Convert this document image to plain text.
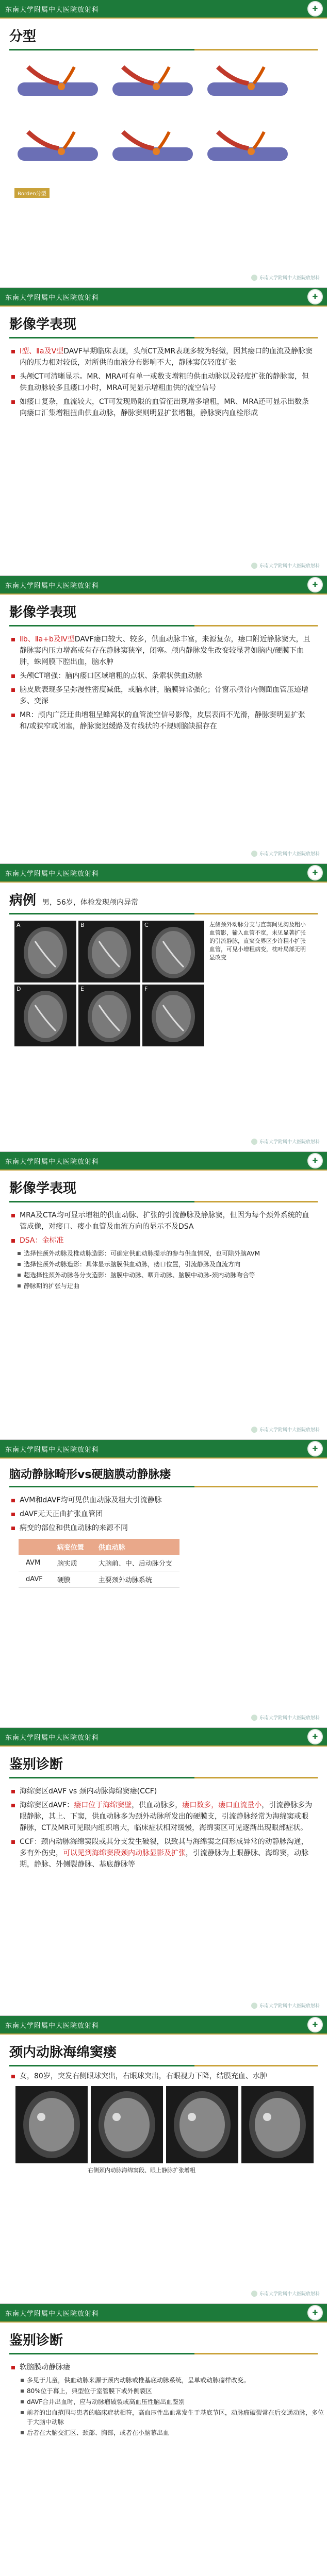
东南大学附属中大医院放射科	✚
分型
Borden分型
东南大学附属中大医院放射科
东南大学附属中大医院放射科	✚
影像学表现
Ⅰ型、Ⅱa及Ⅴ型DAVF早期临床表现，头颅CT及MR表现多较为轻微，因其瘘口的血流及静脉窦内的压力相对较低，对所供的血液分布影响不大，静脉窦仅轻度扩张
头颅CT可清晰显示。MR、MRA可有单一或数支增粗的供血动脉以及轻度扩张的静脉窦，但供血动脉较多且瘘口小时，MRA可见显示增粗血供的流空信号
如瘘口复杂，血流较大，CT可发现局限的血管征出现增多增粗，MR、MRA还可显示出数条向瘘口汇集增粗扭曲供血动脉，静脉窦则明显扩张增粗，静脉窦内血栓形成
东南大学附属中大医院放射科
东南大学附属中大医院放射科	✚
影像学表现
Ⅱb、Ⅱa+b及Ⅳ型DAVF瘘口较大、较多，供血动脉丰富，来源复杂，瘘口附近静脉窦大，且静脉窦内压力增高或有存在静脉窦狭窄，闭塞。颅内静脉发生改变较显著如脑内/硬膜下血肿，蛛网膜下腔出血，脑水肿
头颅CT增强：脑内瘘口区域增粗的点状、条索状供血动脉
脑皮质表现多呈弥漫性密度减低，或脑水肿，脑膜异常强化；骨窗示颅骨内侧面血管压迹增多、变深
MR：颅内广泛迂曲增粗呈蜂窝状的血管流空信号影像，皮层表面不光滑，静脉窦明显扩张和/或狭窄或闭塞，静脉窦迟缓路及有线状的不规则脑缺损存在
东南大学附属中大医院放射科
东南大学附属中大医院放射科	✚
病例 男，56岁，体检发现颅内异常
A	B	C
D	E	F
左侧颈外动脉分支与直窦间见沟及粗小血管影，输入血管不宽，未见显著扩张的引流静脉，直窦交界区少许粗小扩张血管，可见小增粗病变，枕叶局部无明显改变
东南大学附属中大医院放射科
东南大学附属中大医院放射科	✚
影像学表现
MRA及CTA均可显示增粗的供血动脉、扩张的引流静脉及静脉窦，但因为每个颈外系统的血管成像，对瘘口、瘘小血管及血流方向的显示不及DSA
DSA：金标准
选择性颈外动脉及椎动脉造影：可确定供血动脉提示的参与供血情况，也可除外脑AVM
选择性颈外动脉造影：具体显示脑膜供血动脉，瘘口位置，引流静脉及血流方向
超选择性颈外动脉各分支造影：脑膜中动脉、咽升动脉、脑膜中动脉-颈内动脉吻合等
静脉期的扩张与迂曲
东南大学附属中大医院放射科
东南大学附属中大医院放射科	✚
脑动静脉畸形vs硬脑膜动静脉瘘
AVM和dAVF均可见供血动脉及粗大引流静脉
dAVF无天正曲扩张血管团
病变的部位和供血动脉的来源不同
	病变位置	供血动脉
AVM	脑实质	大脑前、中、后动脉分支
dAVF	硬膜	主要颈外动脉系统
东南大学附属中大医院放射科
东南大学附属中大医院放射科	✚
鉴别诊断
海绵窦区dAVF vs 颈内动脉海绵窦瘘(CCF)
海绵窦区dAVF：瘘口位于海绵窦壁，供血动脉多，瘘口数多，瘘口血流量小，引流静脉多为眼静脉，其上、下窦，供血动脉多为颈外动脉所发出的硬膜支，引流静脉经常为海绵窦或眼静脉，CT及MR可见眼内组织增大，临床症状相对缓慢，海绵窦区可见逐渐出现眼部症状。
CCF：颈内动脉海绵窦段或其分支发生破裂，以致其与海绵窦之间形成异常的动静脉沟通，多有外伤史，可以见到海绵窦段颈内动脉显影及扩张，引流静脉为上眼静脉、海绵窦，动脉期，静脉、外侧裂静脉、基底静脉等
东南大学附属中大医院放射科
东南大学附属中大医院放射科	✚
颈内动脉海绵窦瘘
女，80岁，突发右侧眼球突出，右眼球突出，右眼视力下降，结膜充血、水肿
右侧颈内动脉海绵窦段、眼上静脉扩张增粗
东南大学附属中大医院放射科
东南大学附属中大医院放射科	✚
鉴别诊断
软脑膜动静脉瘘
多见于儿童，供血动脉来源于颈内动脉或椎基底动脉系统，呈单或动脉瘤样改变。
80%位于幕上，典型位于室管膜下或外侧裂区
dAVF合并出血时，应与动脉瘤破裂或高血压性脑出血鉴别
前者的出血范围与患者的临床症状相符，高血压性出血常发生于基底节区，动脉瘤破裂常在后交通动脉，多位于大脑中动脉
后者在大脑交汇区、颈部、胸部，或者在小脑幕出血
